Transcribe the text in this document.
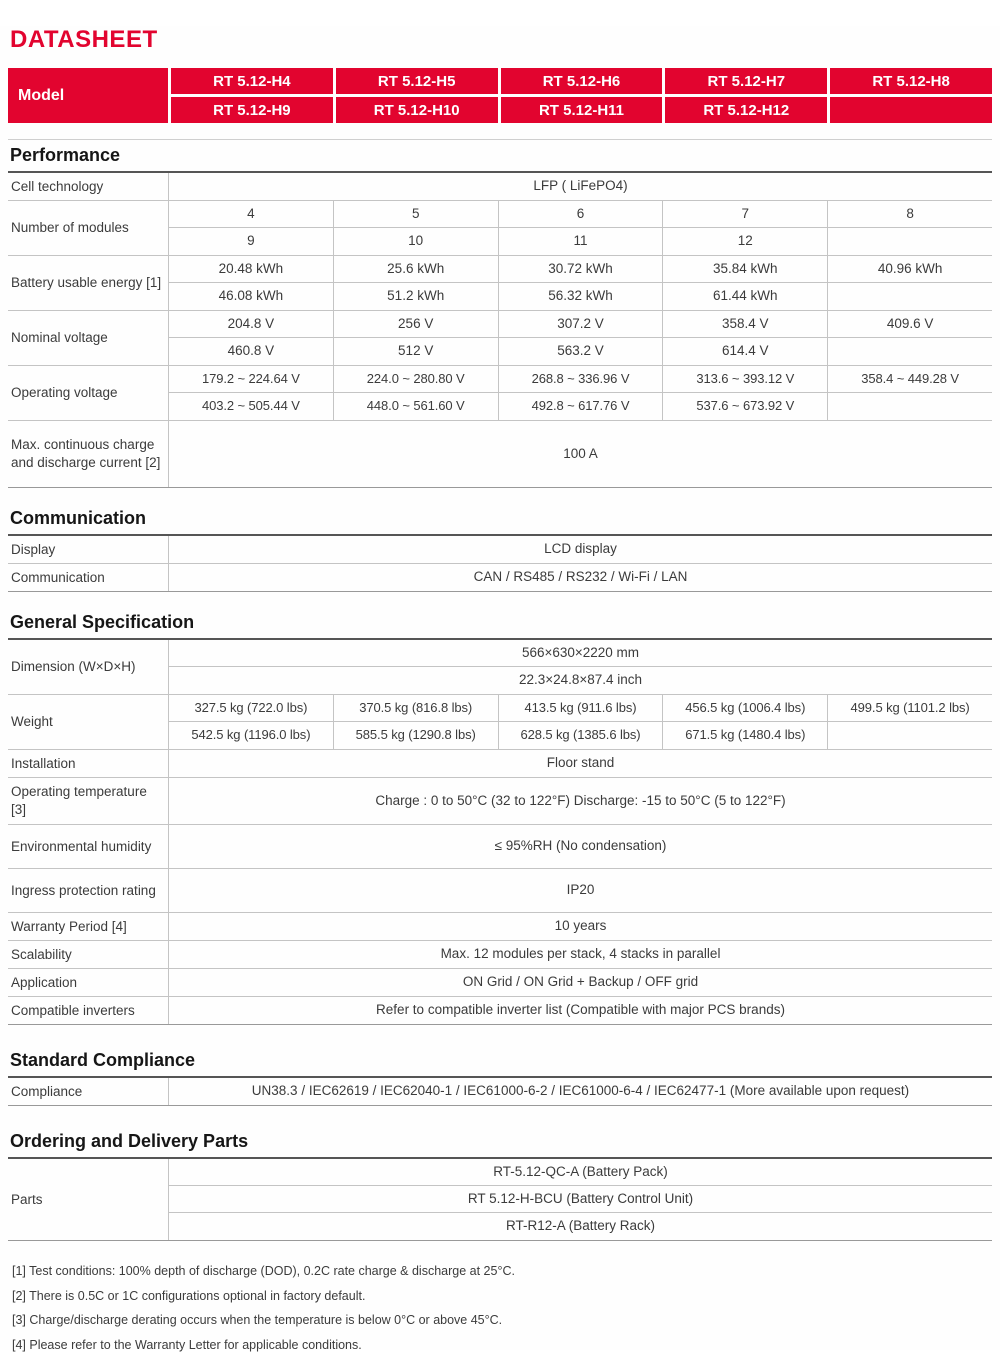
DATASHEET
Model
RT 5.12-H4	RT 5.12-H5	RT 5.12-H6	RT 5.12-H7	RT 5.12-H8
RT 5.12-H9	RT 5.12-H10	RT 5.12-H11	RT 5.12-H12
Performance
Cell technology	LFP ( LiFePO4)
Number of modules
4	5	6	7	8
9	10	11	12
Battery usable energy [1]
20.48 kWh	25.6 kWh	30.72 kWh	35.84 kWh	40.96 kWh
46.08 kWh	51.2 kWh	56.32 kWh	61.44 kWh
Nominal voltage
204.8 V	256 V	307.2 V	358.4 V	409.6 V
460.8 V	512 V	563.2 V	614.4 V
Operating voltage
179.2 ~ 224.64 V	224.0 ~ 280.80 V	268.8 ~ 336.96 V	313.6 ~ 393.12 V	358.4 ~ 449.28 V
403.2 ~ 505.44 V	448.0 ~ 561.60 V	492.8 ~ 617.76 V	537.6 ~ 673.92 V
Max. continuous charge and discharge current [2]
100 A
Communication
Display	LCD display
Communication	CAN / RS485 / RS232 / Wi-Fi / LAN
General Specification
Dimension (W×D×H)
566×630×2220 mm
22.3×24.8×87.4 inch
Weight
327.5 kg (722.0 lbs)	370.5 kg (816.8 lbs)	413.5 kg (911.6 lbs)	456.5 kg (1006.4 lbs)	499.5 kg (1101.2 lbs)
542.5 kg (1196.0 lbs)	585.5 kg (1290.8 lbs)	628.5 kg (1385.6 lbs)	671.5 kg (1480.4 lbs)
Installation	Floor stand
Operating temperature [3]
Charge : 0 to 50°C (32 to 122°F) Discharge: -15 to 50°C (5 to 122°F)
Environmental humidity	≤ 95%RH (No condensation)
Ingress protection rating	IP20
Warranty Period [4]	10 years
Scalability	Max. 12 modules per stack, 4 stacks in parallel
Application	ON Grid / ON Grid + Backup / OFF grid
Compatible inverters	Refer to compatible inverter list (Compatible with major PCS brands)
Standard Compliance
Compliance	UN38.3 / IEC62619 / IEC62040-1 / IEC61000-6-2 / IEC61000-6-4 / IEC62477-1 (More available upon request)
Ordering and Delivery Parts
Parts
RT-5.12-QC-A (Battery Pack)
RT 5.12-H-BCU (Battery Control Unit)
RT-R12-A (Battery Rack)
[1] Test conditions: 100% depth of discharge (DOD), 0.2C rate charge & discharge at 25°C.
[2] There is 0.5C or 1C configurations optional in factory default.
[3] Charge/discharge derating occurs when the temperature is below 0°C or above 45°C.
[4] Please refer to the Warranty Letter for applicable conditions.
